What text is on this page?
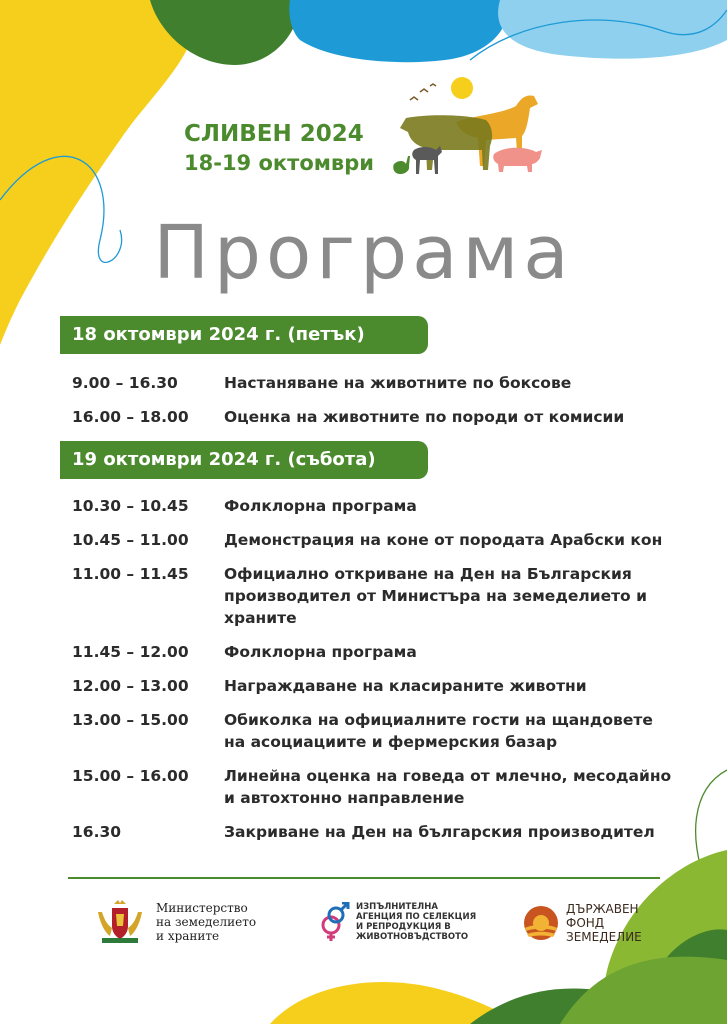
СЛИВЕН 2024

18-19 октомври

Програма
18 октомври 2024 г. (петък)
9.00 – 16.30	Настаняване на животните по боксове
16.00 – 18.00	Оценка на животните по породи от комисии
19 октомври 2024 г. (събота)
10.30 – 10.45	Фолклорна програма
10.45 – 11.00	Демонстрация на коне от породата Арабски кон
11.00 – 11.45	Официално откриване на Ден на Българския производител от Министъра на земеделието и храните
11.45 – 12.00	Фолклорна програма
12.00 – 13.00	Награждаване на класираните животни
13.00 – 15.00	Обиколка на официалните гости на щандовете на асоциациите и фермерския базар
15.00 – 16.00	Линейна оценка на говеда от млечно, месодайно и автохтонно направление
16.30	Закриване на Ден на българския производител
Министерство
на земеделието
и храните
ИЗПЪЛНИТЕЛНА
АГЕНЦИЯ ПО СЕЛЕКЦИЯ
И РЕПРОДУКЦИЯ В
ЖИВОТНОВЪДСТВОТО
ДЪРЖАВЕН
ФОНД
ЗЕМЕДЕЛИЕ
